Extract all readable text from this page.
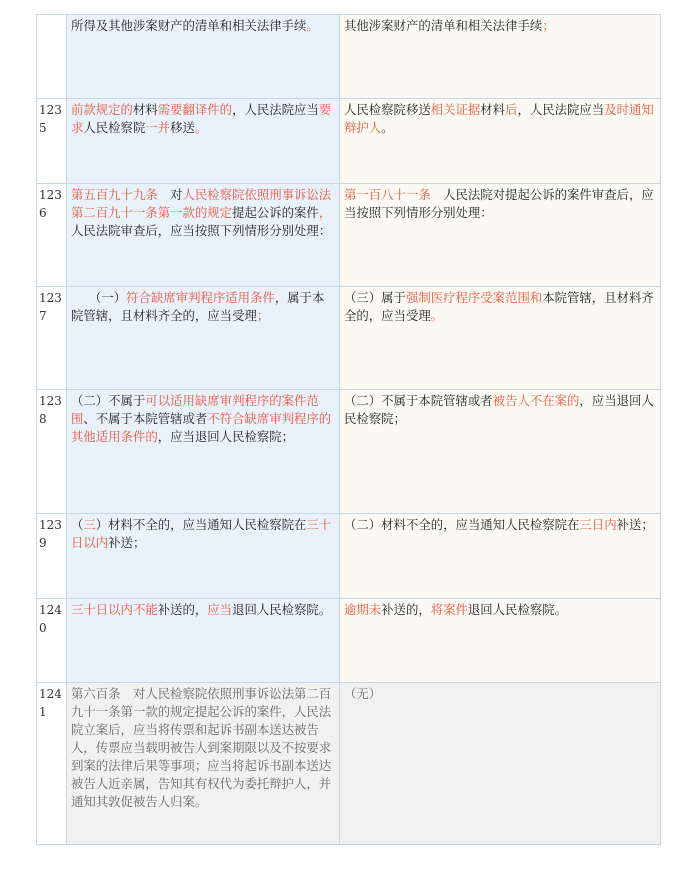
	所得及其他涉案财产的清单和相关法律手续。	其他涉案财产的清单和相关法律手续；
1235	前款规定的材料需要翻译件的，人民法院应当要求人民检察院一并移送。	人民检察院移送相关证据材料后，人民法院应当及时通知辩护人。
1236	第五百九十九条　对人民检察院依照刑事诉讼法第二百九十一条第一款的规定提起公诉的案件，人民法院审查后，应当按照下列情形分别处理：	第一百八十一条　人民法院对提起公诉的案件审查后，应当按照下列情形分别处理：
1237	（一）符合缺席审判程序适用条件，属于本院管辖，且材料齐全的，应当受理；	（三）属于强制医疗程序受案范围和本院管辖，且材料齐全的，应当受理。
1238	（二）不属于可以适用缺席审判程序的案件范围、不属于本院管辖或者不符合缺席审判程序的其他适用条件的，应当退回人民检察院；	（二）不属于本院管辖或者被告人不在案的，应当退回人民检察院；
1239	（三）材料不全的，应当通知人民检察院在三十日以内补送；	（二）材料不全的，应当通知人民检察院在三日内补送；
1240	三十日以内不能补送的，应当退回人民检察院。	逾期未补送的，将案件退回人民检察院。
1241	第六百条　对人民检察院依照刑事诉讼法第二百九十一条第一款的规定提起公诉的案件，人民法院立案后，应当将传票和起诉书副本送达被告人，传票应当载明被告人到案期限以及不按要求到案的法律后果等事项；应当将起诉书副本送达被告人近亲属，告知其有权代为委托辩护人，并通知其敦促被告人归案。	（无）
